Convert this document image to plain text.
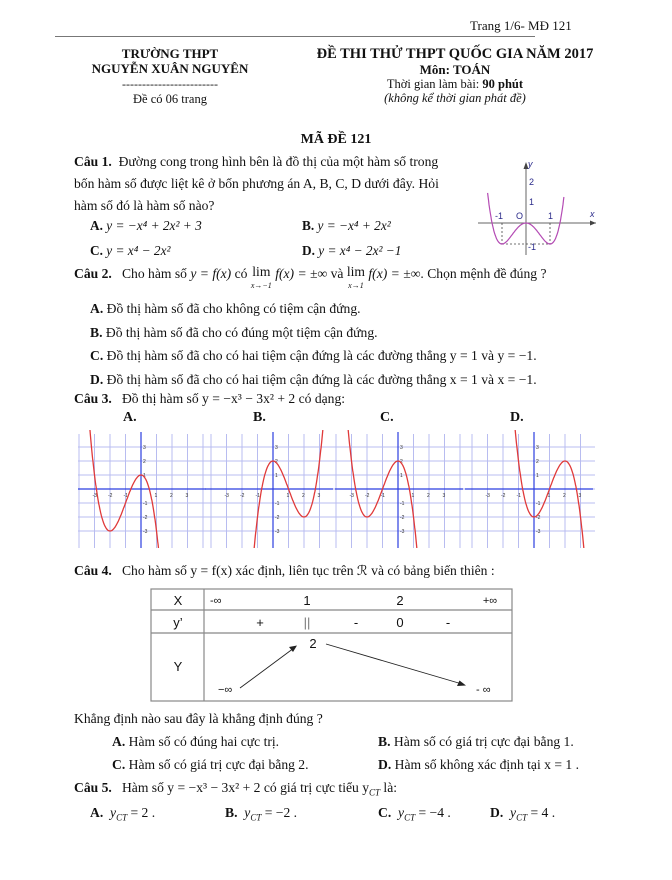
Trang 1/6- MĐ 121
TRƯỜNG THPT
NGUYỄN XUÂN NGUYÊN
------------------------
Đề có 06 trang
ĐỀ THI THỬ THPT QUỐC GIA NĂM 2017
Môn: TOÁN
Thời gian làm bài: 90 phút
(không kể thời gian phát đề)
MÃ ĐỀ 121
Câu 1. Đường cong trong hình bên là đồ thị của một hàm số trong
bốn hàm số được liệt kê ở bốn phương án A, B, C, D dưới đây. Hỏi
hàm số đó là hàm số nào?
A. y = −x⁴ + 2x² + 3	B. y = −x⁴ + 2x²
C. y = x⁴ − 2x²	D. y = x⁴ − 2x² −1
y
x
O
-1	1
2
1
-1
Câu 2. Cho hàm số y = f(x) có lim
x→−1 f(x) = ±∞ và lim
x→1 f(x) = ±∞. Chọn mệnh đề đúng ?
A. Đồ thị hàm số đã cho không có tiệm cận đứng.
B. Đồ thị hàm số đã cho có đúng một tiệm cận đứng.
C. Đồ thị hàm số đã cho có hai tiệm cận đứng là các đường thẳng y = 1 và y = −1.
D. Đồ thị hàm số đã cho có hai tiệm cận đứng là các đường thẳng x = 1 và x = −1.
Câu 3. Đồ thị hàm số y = −x³ − 3x² + 2 có dạng:
A.
-3 -2 -1	1	2	3
3
2
1
-1
-2
-3
B.
-3 -2 -1	1	2	3
3
2
1
-1
-2
-3
C.
-3 -2 -1	1	2	3
3
2
1
-1
-2
-3
D.
-3 -2 -1	1	2	3
3
2
1
-1
-2
-3
Câu 4. Cho hàm số y = f(x) xác định, liên tục trên ℛ và có bảng biến thiên :
X	-∞	1	2	+∞
y’	+	||	-	0	-
Y
2
−∞	- ∞
Khẳng định nào sau đây là khẳng định đúng ?
A. Hàm số có đúng hai cực trị.	B. Hàm số có giá trị cực đại bằng 1.
C. Hàm số có giá trị cực đại bằng 2.	D. Hàm số không xác định tại x = 1 .
Câu 5. Hàm số y = −x³ − 3x² + 2 có giá trị cực tiểu $y_{CT}$ là:
A. $y_{CT} = 2$ .	B. $y_{CT} = -2$ .	C. $y_{CT} = -4$ .	D. $y_{CT} = 4$ .
